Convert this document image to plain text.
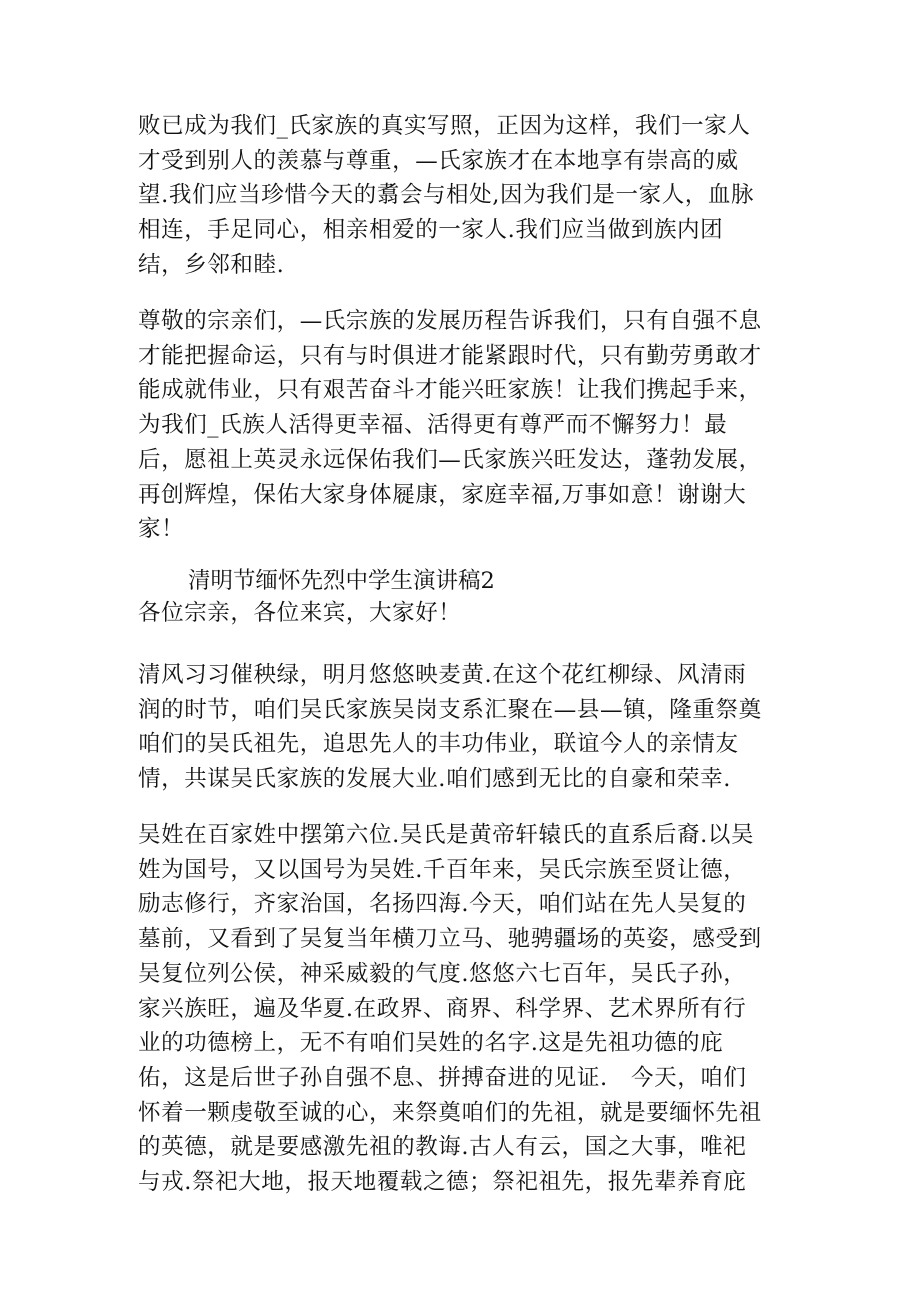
败已成为我们_氏家族的真实写照，正因为这样，我们一家人
才受到别人的羡慕与尊重，—氏家族才在本地享有崇高的威
望.我们应当珍惜今天的翥会与相处,因为我们是一家人，血脉
相连，手足同心，相亲相爱的一家人.我们应当做到族内团
结，乡邻和睦.
尊敬的宗亲们，—氏宗族的发展历程告诉我们，只有自强不息
才能把握命运，只有与时俱进才能紧跟时代，只有勤劳勇敢才
能成就伟业，只有艰苦奋斗才能兴旺家族！让我们携起手来，
为我们_氏族人活得更幸福、活得更有尊严而不懈努力！最
后，愿祖上英灵永远保佑我们—氏家族兴旺发达，蓬勃发展，
再创辉煌，保佑大家身体屣康，家庭幸福,万事如意！谢谢大
家！
清明节缅怀先烈中学生演讲稿2
各位宗亲，各位来宾，大家好！
清风习习催秧绿，明月悠悠映麦黄.在这个花红柳绿、风清雨
润的时节，咱们吴氏家族吴岗支系汇聚在—县—镇，隆重祭奠
咱们的吴氏祖先，追思先人的丰功伟业，联谊今人的亲情友
情，共谋吴氏家族的发展大业.咱们感到无比的自豪和荣幸.
吴姓在百家姓中摆第六位.吴氏是黄帝轩辕氏的直系后裔.以吴
姓为国号，又以国号为吴姓.千百年来，吴氏宗族至贤让德，
励志修行，齐家治国，名扬四海.今天，咱们站在先人吴复的
墓前，又看到了吴复当年横刀立马、驰骋疆场的英姿，感受到
吴复位列公侯，神采威毅的气度.悠悠六七百年，吴氏子孙，
家兴族旺，遍及华夏.在政界、商界、科学界、艺术界所有行
业的功德榜上，无不有咱们吴姓的名字.这是先祖功德的庇
佑，这是后世子孙自强不息、拼搏奋进的见证.   今天，咱们
怀着一颗虔敬至诚的心，来祭奠咱们的先祖，就是要缅怀先祖
的英德，就是要感激先祖的教诲.古人有云，国之大事，唯祀
与戎.祭祀大地，报天地覆载之德；祭祀祖先，报先辈养育庇
